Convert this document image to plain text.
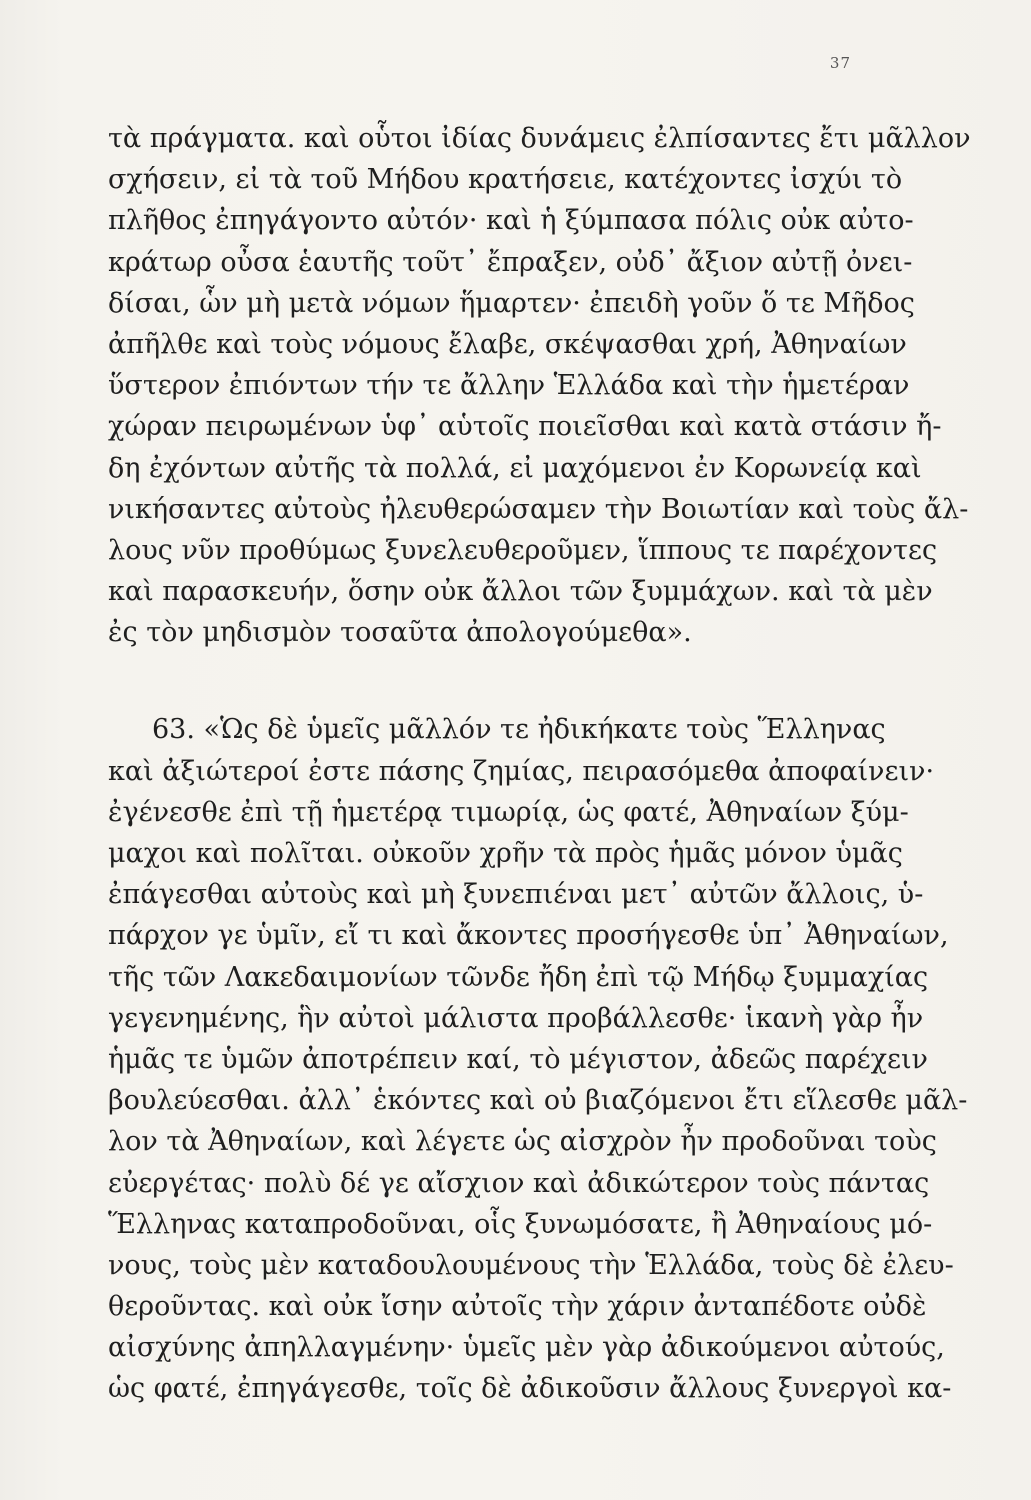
37
τὰ πράγματα. καὶ οὗτοι ἰδίας δυνάμεις ἐλπίσαντες ἔτι μᾶλλον
σχήσειν, εἰ τὰ τοῦ Μήδου κρατήσειε, κατέχοντες ἰσχύι τὸ
πλῆθος ἐπηγάγοντο αὐτόν· καὶ ἡ ξύμπασα πόλις οὐκ αὐτο-
κράτωρ οὖσα ἑαυτῆς τοῦτ᾽ ἔπραξεν, οὐδ᾽ ἄξιον αὐτῇ ὀνει-
δίσαι, ὧν μὴ μετὰ νόμων ἥμαρτεν· ἐπειδὴ γοῦν ὅ τε Μῆδος
ἀπῆλθε καὶ τοὺς νόμους ἔλαβε, σκέψασθαι χρή, Ἀθηναίων
ὕστερον ἐπιόντων τήν τε ἄλλην Ἑλλάδα καὶ τὴν ἡμετέραν
χώραν πειρωμένων ὑφ᾽ αὑτοῖς ποιεῖσθαι καὶ κατὰ στάσιν ἤ-
δη ἐχόντων αὐτῆς τὰ πολλά, εἰ μαχόμενοι ἐν Κορωνείᾳ καὶ
νικήσαντες αὐτοὺς ἠλευθερώσαμεν τὴν Βοιωτίαν καὶ τοὺς ἄλ-
λους νῦν προθύμως ξυνελευθεροῦμεν, ἵππους τε παρέχοντες
καὶ παρασκευήν, ὅσην οὐκ ἄλλοι τῶν ξυμμάχων. καὶ τὰ μὲν
ἐς τὸν μηδισμὸν τοσαῦτα ἀπολογούμεθα».
63. «Ὡς δὲ ὑμεῖς μᾶλλόν τε ἠδικήκατε τοὺς Ἕλληνας
καὶ ἀξιώτεροί ἐστε πάσης ζημίας, πειρασόμεθα ἀποφαίνειν·
ἐγένεσθε ἐπὶ τῇ ἡμετέρᾳ τιμωρίᾳ, ὡς φατέ, Ἀθηναίων ξύμ-
μαχοι καὶ πολῖται. οὐκοῦν χρῆν τὰ πρὸς ἡμᾶς μόνον ὑμᾶς
ἐπάγεσθαι αὐτοὺς καὶ μὴ ξυνεπιέναι μετ᾽ αὐτῶν ἄλλοις, ὑ-
πάρχον γε ὑμῖν, εἴ τι καὶ ἄκοντες προσήγεσθε ὑπ᾽ Ἀθηναίων,
τῆς τῶν Λακεδαιμονίων τῶνδε ἤδη ἐπὶ τῷ Μήδῳ ξυμμαχίας
γεγενημένης, ἣν αὐτοὶ μάλιστα προβάλλεσθε· ἱκανὴ γὰρ ἦν
ἡμᾶς τε ὑμῶν ἀποτρέπειν καί, τὸ μέγιστον, ἀδεῶς παρέχειν
βουλεύεσθαι. ἀλλ᾽ ἑκόντες καὶ οὐ βιαζόμενοι ἔτι εἵλεσθε μᾶλ-
λον τὰ Ἀθηναίων, καὶ λέγετε ὡς αἰσχρὸν ἦν προδοῦναι τοὺς
εὐεργέτας· πολὺ δέ γε αἴσχιον καὶ ἀδικώτερον τοὺς πάντας
Ἕλληνας καταπροδοῦναι, οἷς ξυνωμόσατε, ἢ Ἀθηναίους μό-
νους, τοὺς μὲν καταδουλουμένους τὴν Ἑλλάδα, τοὺς δὲ ἐλευ-
θεροῦντας. καὶ οὐκ ἴσην αὐτοῖς τὴν χάριν ἀνταπέδοτε οὐδὲ
αἰσχύνης ἀπηλλαγμένην· ὑμεῖς μὲν γὰρ ἀδικούμενοι αὐτούς,
ὡς φατέ, ἐπηγάγεσθε, τοῖς δὲ ἀδικοῦσιν ἄλλους ξυνεργοὶ κα-
